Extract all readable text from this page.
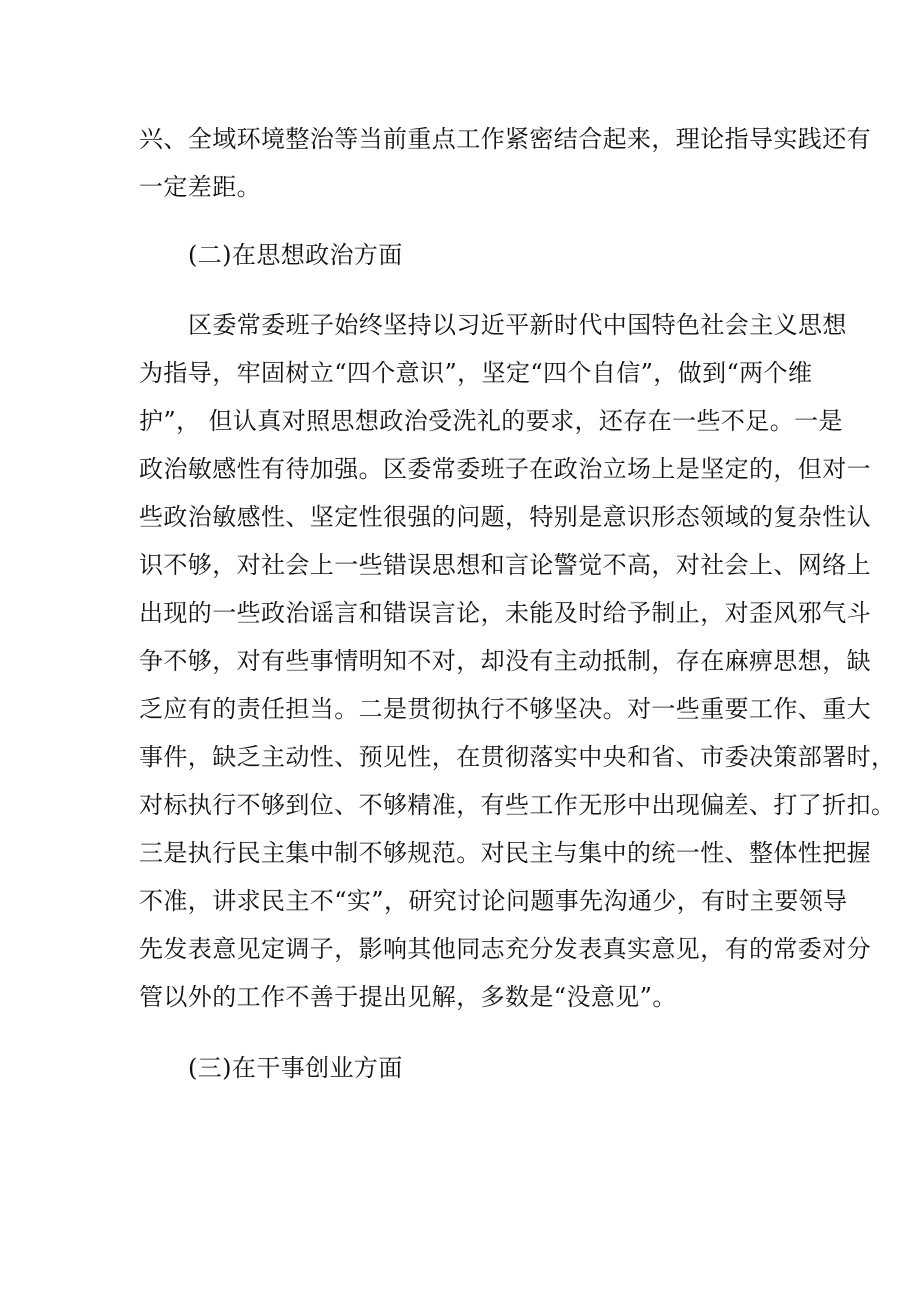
兴、全域环境整治等当前重点工作紧密结合起来，理论指导实践还有
一定差距。
(二)在思想政治方面
区委常委班子始终坚持以习近平新时代中国特色社会主义思想
为指导，牢固树立“四个意识”，坚定“四个自信”，做到“两个维
护”， 但认真对照思想政治受洗礼的要求，还存在一些不足。一是
政治敏感性有待加强。区委常委班子在政治立场上是坚定的，但对一
些政治敏感性、坚定性很强的问题，特别是意识形态领域的复杂性认
识不够，对社会上一些错误思想和言论警觉不高，对社会上、网络上
出现的一些政治谣言和错误言论，未能及时给予制止，对歪风邪气斗
争不够，对有些事情明知不对，却没有主动抵制，存在麻痹思想，缺
乏应有的责任担当。二是贯彻执行不够坚决。对一些重要工作、重大
事件，缺乏主动性、预见性，在贯彻落实中央和省、市委决策部署时，
对标执行不够到位、不够精准，有些工作无形中出现偏差、打了折扣。
三是执行民主集中制不够规范。对民主与集中的统一性、整体性把握
不准，讲求民主不“实”，研究讨论问题事先沟通少，有时主要领导
先发表意见定调子，影响其他同志充分发表真实意见，有的常委对分
管以外的工作不善于提出见解，多数是“没意见”。
(三)在干事创业方面
